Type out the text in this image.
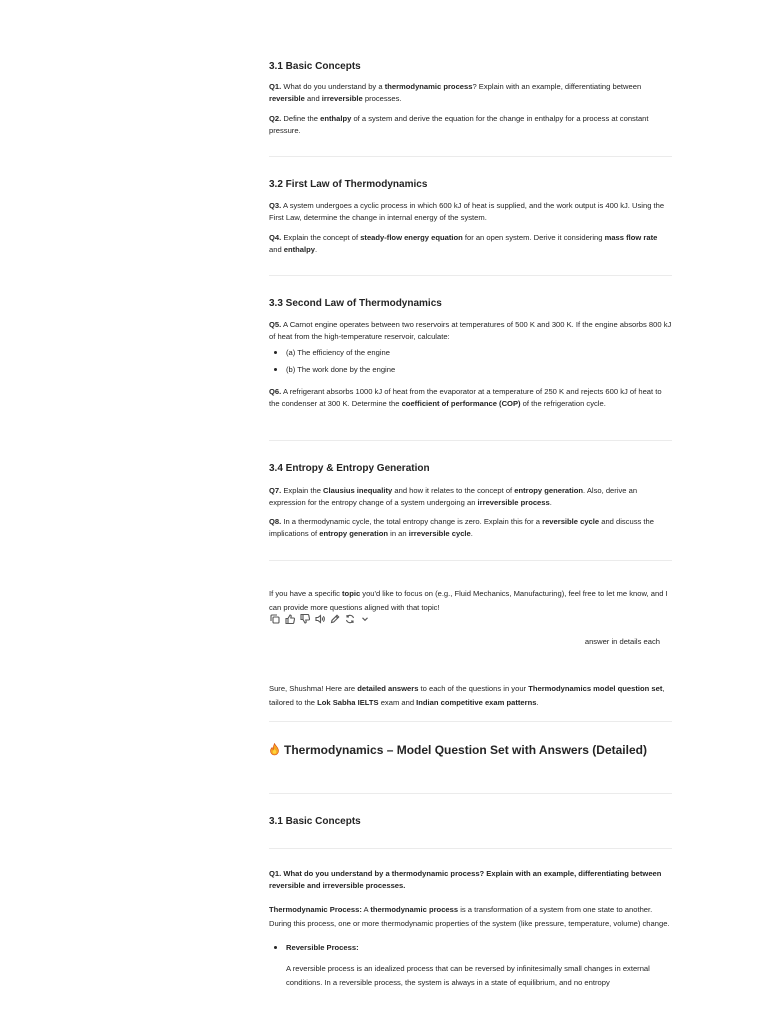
3.1 Basic Concepts

Q1. What do you understand by a thermodynamic process? Explain with an example, differentiating between reversible and irreversible processes.

Q2. Define the enthalpy of a system and derive the equation for the change in enthalpy for a process at constant pressure.

3.2 First Law of Thermodynamics

Q3. A system undergoes a cyclic process in which 600 kJ of heat is supplied, and the work output is 400 kJ. Using the First Law, determine the change in internal energy of the system.

Q4. Explain the concept of steady-flow energy equation for an open system. Derive it considering mass flow rate and enthalpy.

3.3 Second Law of Thermodynamics

Q5. A Carnot engine operates between two reservoirs at temperatures of 500 K and 300 K. If the engine absorbs 800 kJ of heat from the high-temperature reservoir, calculate:

(a) The efficiency of the engine
(b) The work done by the engine

Q6. A refrigerant absorbs 1000 kJ of heat from the evaporator at a temperature of 250 K and rejects 600 kJ of heat to the condenser at 300 K. Determine the coefficient of performance (COP) of the refrigeration cycle.

3.4 Entropy & Entropy Generation

Q7. Explain the Clausius inequality and how it relates to the concept of entropy generation. Also, derive an expression for the entropy change of a system undergoing an irreversible process.

Q8. In a thermodynamic cycle, the total entropy change is zero. Explain this for a reversible cycle and discuss the implications of entropy generation in an irreversible cycle.

If you have a specific topic you'd like to focus on (e.g., Fluid Mechanics, Manufacturing), feel free to let me know, and I can provide more questions aligned with that topic!

answer in details each

Sure, Shushma! Here are detailed answers to each of the questions in your Thermodynamics model question set, tailored to the Lok Sabha IELTS exam and Indian competitive exam patterns.

Thermodynamics – Model Question Set with Answers (Detailed)
3.1 Basic Concepts

Q1. What do you understand by a thermodynamic process? Explain with an example, differentiating between reversible and irreversible processes.

Thermodynamic Process: A thermodynamic process is a transformation of a system from one state to another. During this process, one or more thermodynamic properties of the system (like pressure, temperature, volume) change.

Reversible Process:

A reversible process is an idealized process that can be reversed by infinitesimally small changes in external conditions. In a reversible process, the system is always in a state of equilibrium, and no entropy
